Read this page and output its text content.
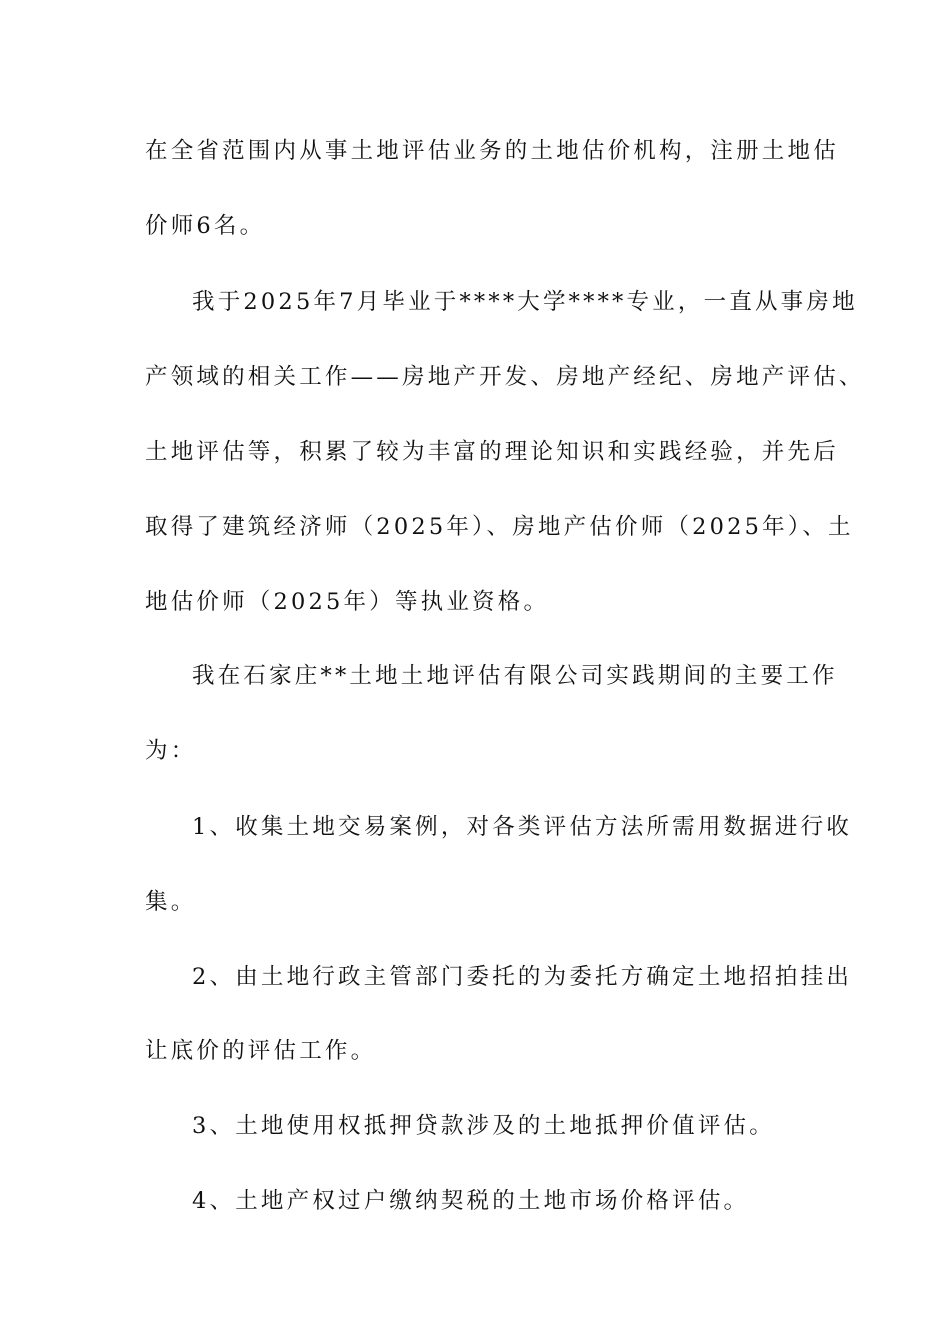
在全省范围内从事土地评估业务的土地估价机构，注册土地估
价师6名。
我于2025年7月毕业于****大学****专业，一直从事房地
产领域的相关工作——房地产开发、房地产经纪、房地产评估、
土地评估等，积累了较为丰富的理论知识和实践经验，并先后
取得了建筑经济师（2025年）、房地产估价师（2025年）、土
地估价师（2025年）等执业资格。
我在石家庄**土地土地评估有限公司实践期间的主要工作
为：
1、收集土地交易案例，对各类评估方法所需用数据进行收
集。
2、由土地行政主管部门委托的为委托方确定土地招拍挂出
让底价的评估工作。
3、土地使用权抵押贷款涉及的土地抵押价值评估。
4、土地产权过户缴纳契税的土地市场价格评估。
